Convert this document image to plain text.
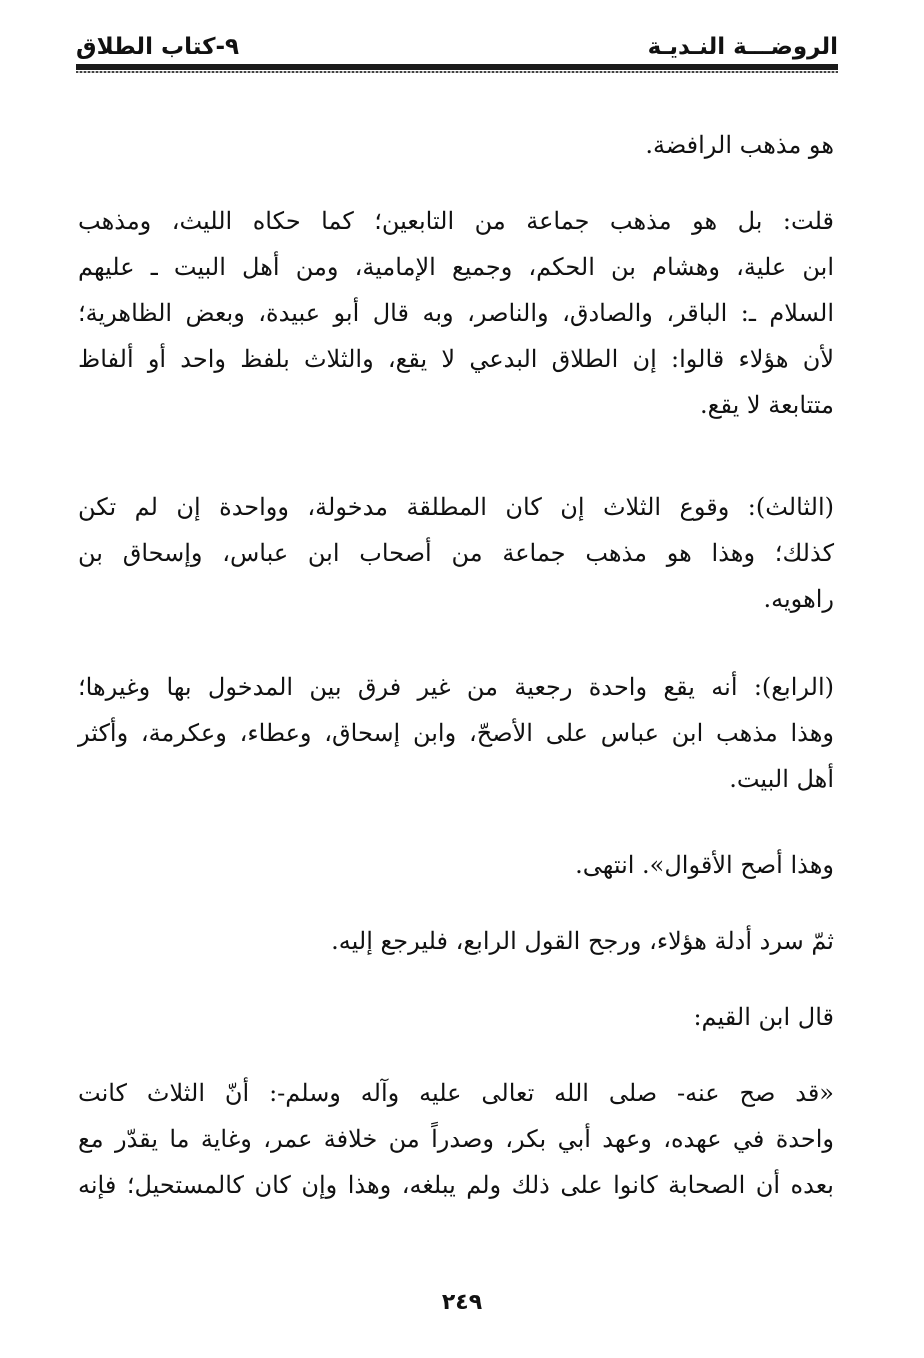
الروضـــة النـديـة
٩-كتاب الطلاق
هو مذهب الرافضة.
قلت: بل هو مذهب جماعة من التابعين؛ كما حكاه الليث، ومذهب
ابن علية، وهشام بن الحكم، وجميع الإمامية، ومن أهل البيت ـ عليهم
السلام ـ: الباقر، والصادق، والناصر، وبه قال أبو عبيدة، وبعض الظاهرية؛
لأن هؤلاء قالوا: إن الطلاق البدعي لا يقع، والثلاث بلفظ واحد أو ألفاظ
متتابعة لا يقع.
(الثالث): وقوع الثلاث إن كان المطلقة مدخولة، وواحدة إن لم تكن
كذلك؛ وهذا هو مذهب جماعة من أصحاب ابن عباس، وإسحاق بن
راهويه.
(الرابع): أنه يقع واحدة رجعية من غير فرق بين المدخول بها وغيرها؛
وهذا مذهب ابن عباس على الأصحّ، وابن إسحاق، وعطاء، وعكرمة، وأكثر
أهل البيت.
وهذا أصح الأقوال». انتهى.
ثمّ سرد أدلة هؤلاء، ورجح القول الرابع، فليرجع إليه.
قال ابن القيم:
«قد صح عنه- صلى الله تعالى عليه وآله وسلم-: أنّ الثلاث كانت
واحدة في عهده، وعهد أبي بكر، وصدراً من خلافة عمر، وغاية ما يقدّر مع
بعده أن الصحابة كانوا على ذلك ولم يبلغه، وهذا وإن كان كالمستحيل؛ فإنه
٢٤٩
